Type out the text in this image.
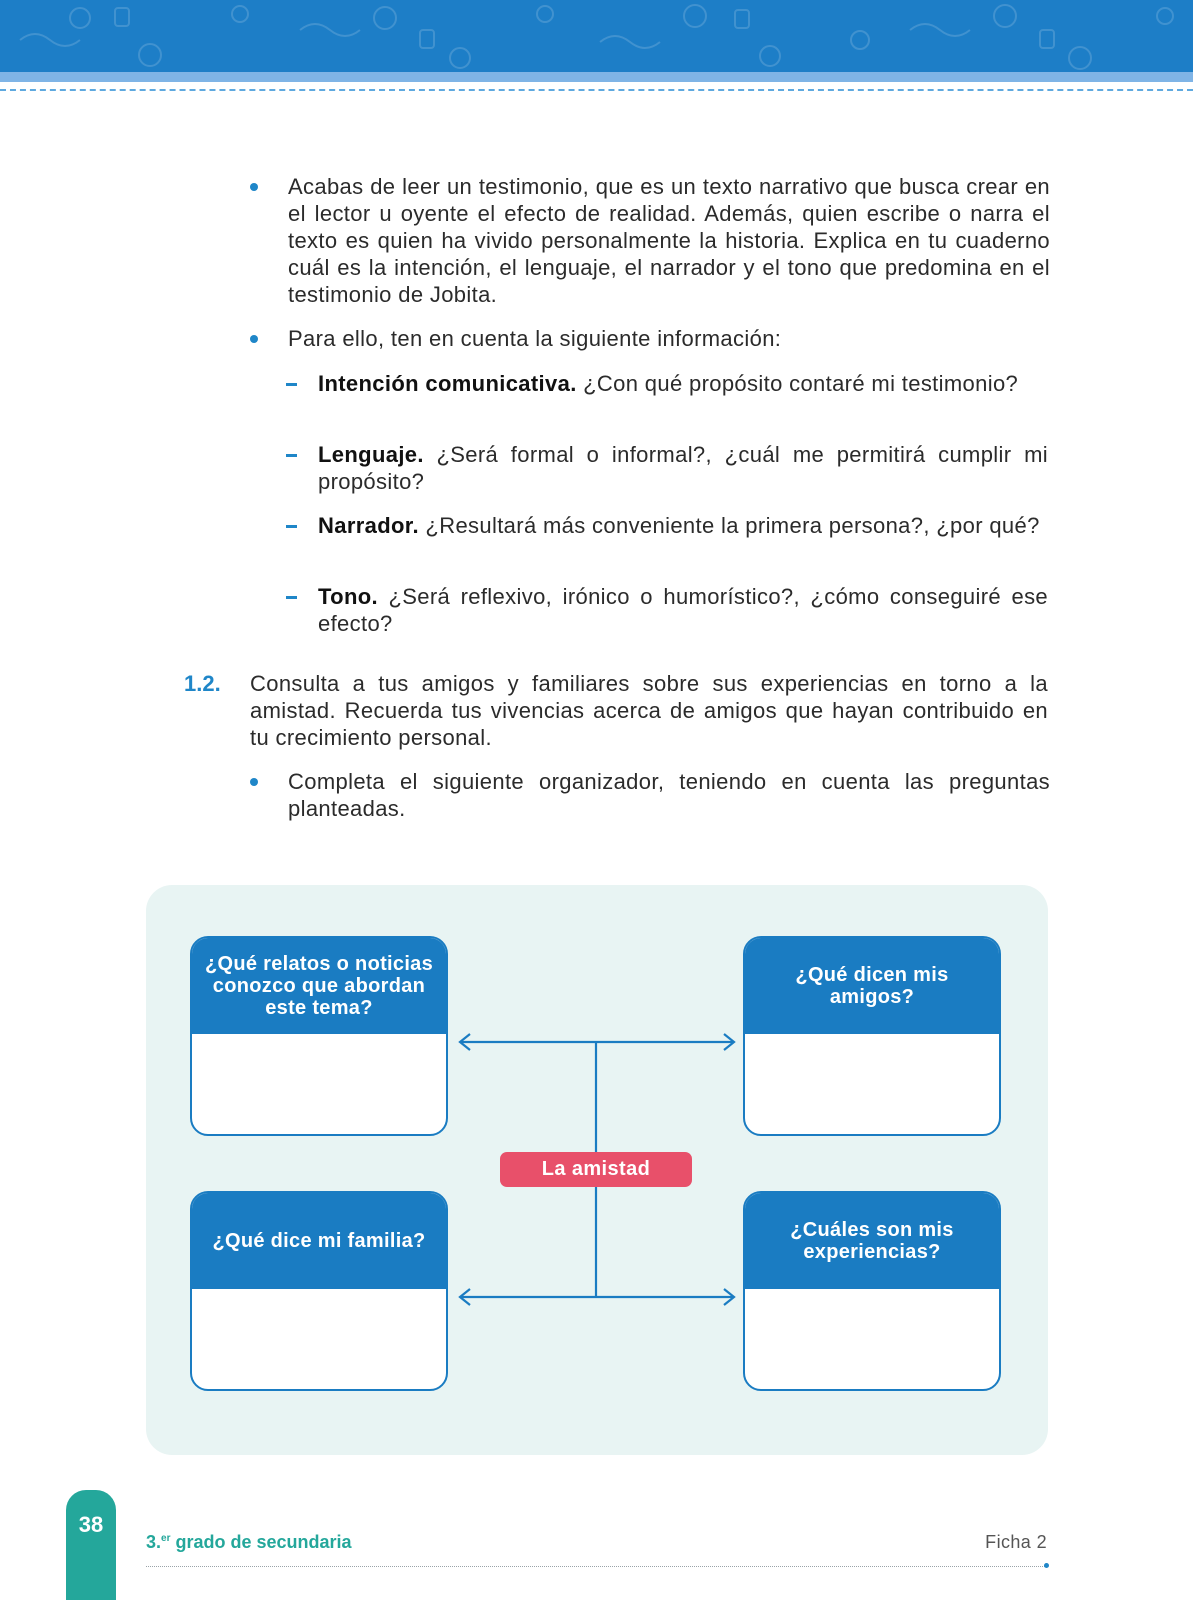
Acabas de leer un testimonio, que es un texto narrativo que busca crear en el lector u oyente el efecto de realidad. Además, quien escribe o narra el texto es quien ha vivido personalmente la historia. Explica en tu cuaderno cuál es la intención, el lenguaje, el narrador y el tono que predomina en el testimonio de Jobita.
Para ello, ten en cuenta la siguiente información:
Intención comunicativa. ¿Con qué propósito contaré mi testimonio?
Lenguaje. ¿Será formal o informal?, ¿cuál me permitirá cumplir mi propósito?
Narrador. ¿Resultará más conveniente la primera persona?, ¿por qué?
Tono. ¿Será reflexivo, irónico o humorístico?, ¿cómo conseguiré ese efecto?
1.2. Consulta a tus amigos y familiares sobre sus experiencias en torno a la amistad. Recuerda tus vivencias acerca de amigos que hayan contribuido en tu crecimiento personal.
Completa el siguiente organizador, teniendo en cuenta las preguntas planteadas.
¿Qué relatos o noticias conozco que abordan este tema?
¿Qué dicen mis amigos?
¿Qué dice mi familia?	¿Cuáles son mis experiencias?
La amistad
38
3.$^{er}$ grado de secundaria	Ficha 2
